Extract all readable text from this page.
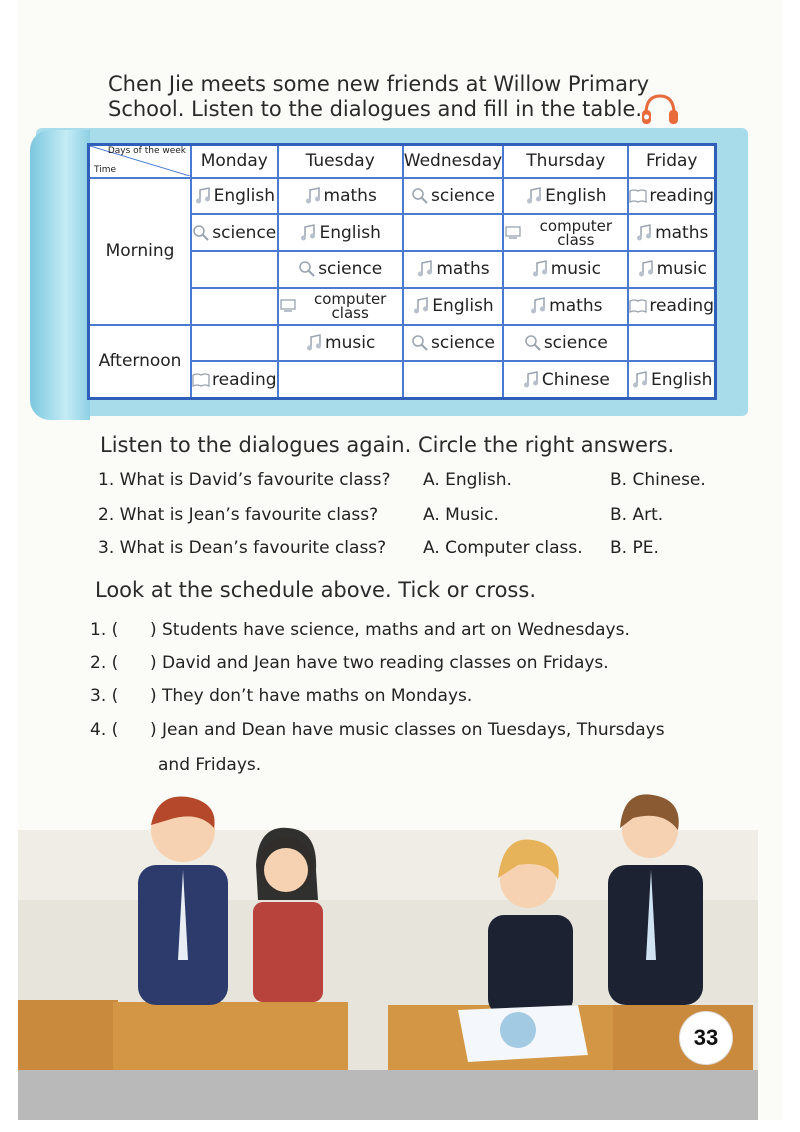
Chen Jie meets some new friends at Willow Primary
School. Listen to the dialogues and fill in the table.
Days of the week
Time	Monday	Tuesday	Wednesday	Thursday	Friday
Morning	English	maths	science	English	reading

	science	English		computer class	maths

		science	maths	music	music

		computer class	English	maths	reading

Afternoon		music	science	science	

	reading			Chinese	English
Listen to the dialogues again. Circle the right answers.
1. What is David’s favourite class? A. English.	B. Chinese.
2. What is Jean’s favourite class?	A. Music.	B. Art.
3. What is Dean’s favourite class? A. Computer class. B. PE.
Look at the schedule above. Tick or cross.
1. ( ) Students have science, maths and art on Wednesdays.
2. ( ) David and Jean have two reading classes on Fridays.
3. ( ) They don’t have maths on Mondays.
4. ( ) Jean and Dean have music classes on Tuesdays, Thursdays
and Fridays.
33
